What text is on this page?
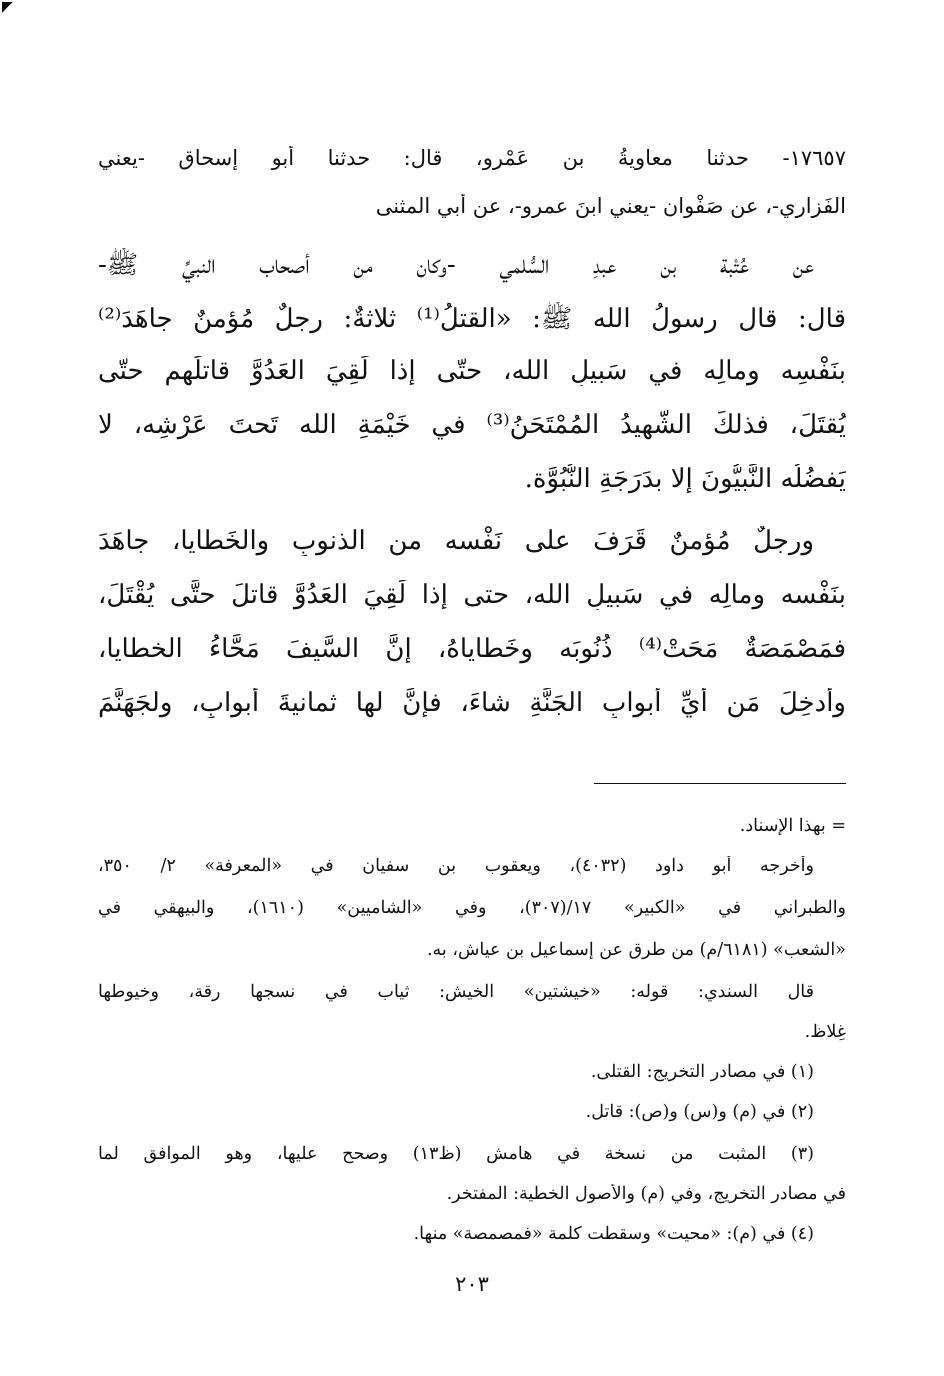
◤
١٧٦٥٧- حدثنا معاويةُ بن عَمْرو، قال: حدثنا أبو إسحاق -يعني
الفَزاري-، عن صَفْوان -يعني ابنَ عمرو-، عن أبي المثنى
عن عُتْبة بن عبدِ السُّلمي -وكان من أصحاب النبيِّ ﷺ-
قال: قال رسولُ الله ﷺ: «القتلُ⁽¹⁾ ثلاثةٌ: رجلٌ مُؤمنٌ جاهَدَ⁽²⁾
بنَفْسِه ومالِه في سَبيلِ الله، حتّى إذا لَقِيَ العَدُوَّ قاتلَهم حتّى
يُقتَلَ، فذلكَ الشَّهيدُ المُمْتَحَنُ⁽³⁾ في خَيْمَةِ الله تَحتَ عَرْشِه، لا
يَفضُلُه النَّبيُّونَ إلا بدَرَجَةِ النُّبُوَّة.
ورجلٌ مُؤمنٌ قَرَفَ على نَفْسه من الذنوبِ والخَطايا، جاهَدَ
بنَفْسه ومالِه في سَبيلِ الله، حتى إذا لَقِيَ العَدُوَّ قاتلَ حتَّى يُقْتَلَ،
فمَصْمَصَةٌ مَحَتْ⁽⁴⁾ ذُنُوبَه وخَطاياهُ، إنَّ السَّيفَ مَحَّاءُ الخطايا،
وأُدخِلَ مَن أيِّ أبوابِ الجَنَّةِ شاءَ، فإنَّ لها ثمانيةَ أبوابٍ، ولجَهَنَّمَ
= بهذا الإسناد.
وأخرجه أبو داود (٤٠٣٢)، ويعقوب بن سفيان في «المعرفة» ٢/ ٣٥٠،
والطبراني في «الكبير» ١٧/(٣٠٧)، وفي «الشاميين» (١٦١٠)، والبيهقي في
«الشعب» (٦١٨١/م) من طرق عن إسماعيل بن عياش، به.
قال السندي: قوله: «خيشتين» الخيش: ثياب في نسجها رقة، وخيوطها
غِلاظ.
(١) في مصادر التخريج: القتلى.
(٢) في (م) و(س) و(ص): قاتل.
(٣) المثبت من نسخة في هامش (ظ١٣) وصحح عليها، وهو الموافق لما
في مصادر التخريج، وفي (م) والأصول الخطية: المفتخر.
(٤) في (م): «محيت» وسقطت كلمة «فمصمصة» منها.
٢٠٣
